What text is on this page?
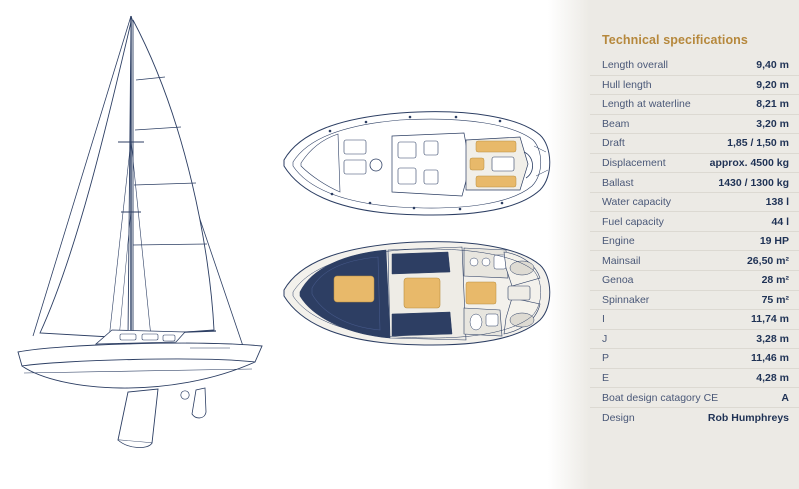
Technical specifications
Length overall	9,40 m
Hull length	9,20 m
Length at waterline	8,21 m
Beam	3,20 m
Draft	1,85 / 1,50 m
Displacement	approx. 4500 kg
Ballast	1430 / 1300 kg
Water capacity	138 l
Fuel capacity	44 l
Engine	19 HP
Mainsail	26,50 m²
Genoa	28 m²
Spinnaker	75 m²
I	11,74 m
J	3,28 m
P	11,46 m
E	4,28 m
Boat design catagory CE	A
Design	Rob Humphreys
